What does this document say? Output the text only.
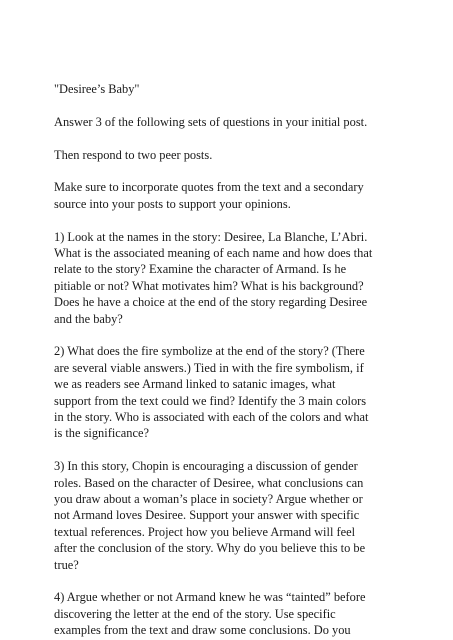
"Desiree’s Baby"

Answer 3 of the following sets of questions in your initial post.

Then respond to two peer posts.

Make sure to incorporate quotes from the text and a secondary
source into your posts to support your opinions.

1) Look at the names in the story: Desiree, La Blanche, L’Abri.
What is the associated meaning of each name and how does that
relate to the story? Examine the character of Armand. Is he
pitiable or not? What motivates him? What is his background?
Does he have a choice at the end of the story regarding Desiree
and the baby?

2) What does the fire symbolize at the end of the story? (There
are several viable answers.) Tied in with the fire symbolism, if
we as readers see Armand linked to satanic images, what
support from the text could we find? Identify the 3 main colors
in the story. Who is associated with each of the colors and what
is the significance?

3) In this story, Chopin is encouraging a discussion of gender
roles. Based on the character of Desiree, what conclusions can
you draw about a woman’s place in society? Argue whether or
not Armand loves Desiree. Support your answer with specific
textual references. Project how you believe Armand will feel
after the conclusion of the story. Why do you believe this to be
true?

4) Argue whether or not Armand knew he was “tainted” before
discovering the letter at the end of the story. Use specific
examples from the text and draw some conclusions. Do you
